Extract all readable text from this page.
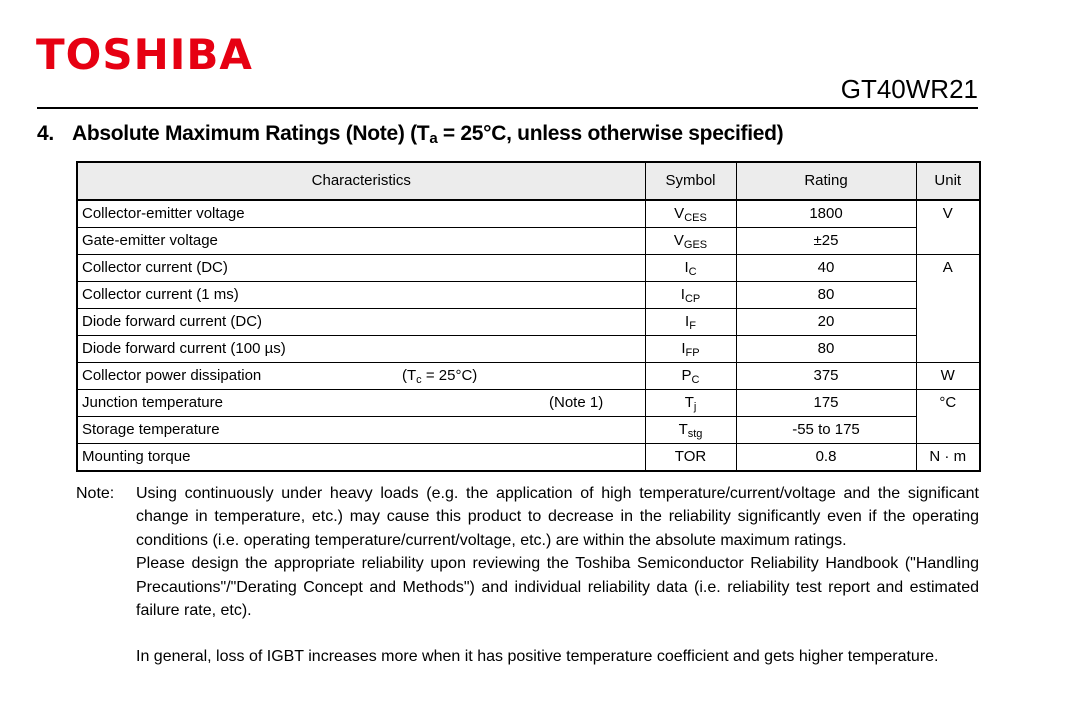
TOSHIBA
GT40WR21
4. Absolute Maximum Ratings (Note) ($T_a = 25^\circ C$, unless otherwise specified)
Characteristics	Symbol	Rating	Unit
Collector-emitter voltage	$V_{CES}$	1800	V
Gate-emitter voltage	$V_{GES}$	±25	
Collector current (DC)	$I_C$	40	A
Collector current (1 ms)	$I_{CP}$	80	
Diode forward current (DC)	$I_F$	20	
Diode forward current (100 µs)	$I_{FP}$	80	
Collector power dissipation $(T_c = 25^\circ C)$	$P_C$	375	W
Junction temperature (Note 1)	$T_j$	175	°C
Storage temperature	$T_{stg}$	-55 to 175	
Mounting torque	TOR	0.8	N · m
Note: Using continuously under heavy loads (e.g. the application of high temperature/current/voltage and the significant change in temperature, etc.) may cause this product to decrease in the reliability significantly even if the operating conditions (i.e. operating temperature/current/voltage, etc.) are within the absolute maximum ratings.

Please design the appropriate reliability upon reviewing the Toshiba Semiconductor Reliability Handbook ("Handling Precautions"/"Derating Concept and Methods") and individual reliability data (i.e. reliability test report and estimated failure rate, etc).

In general, loss of IGBT increases more when it has positive temperature coefficient and gets higher temperature.
